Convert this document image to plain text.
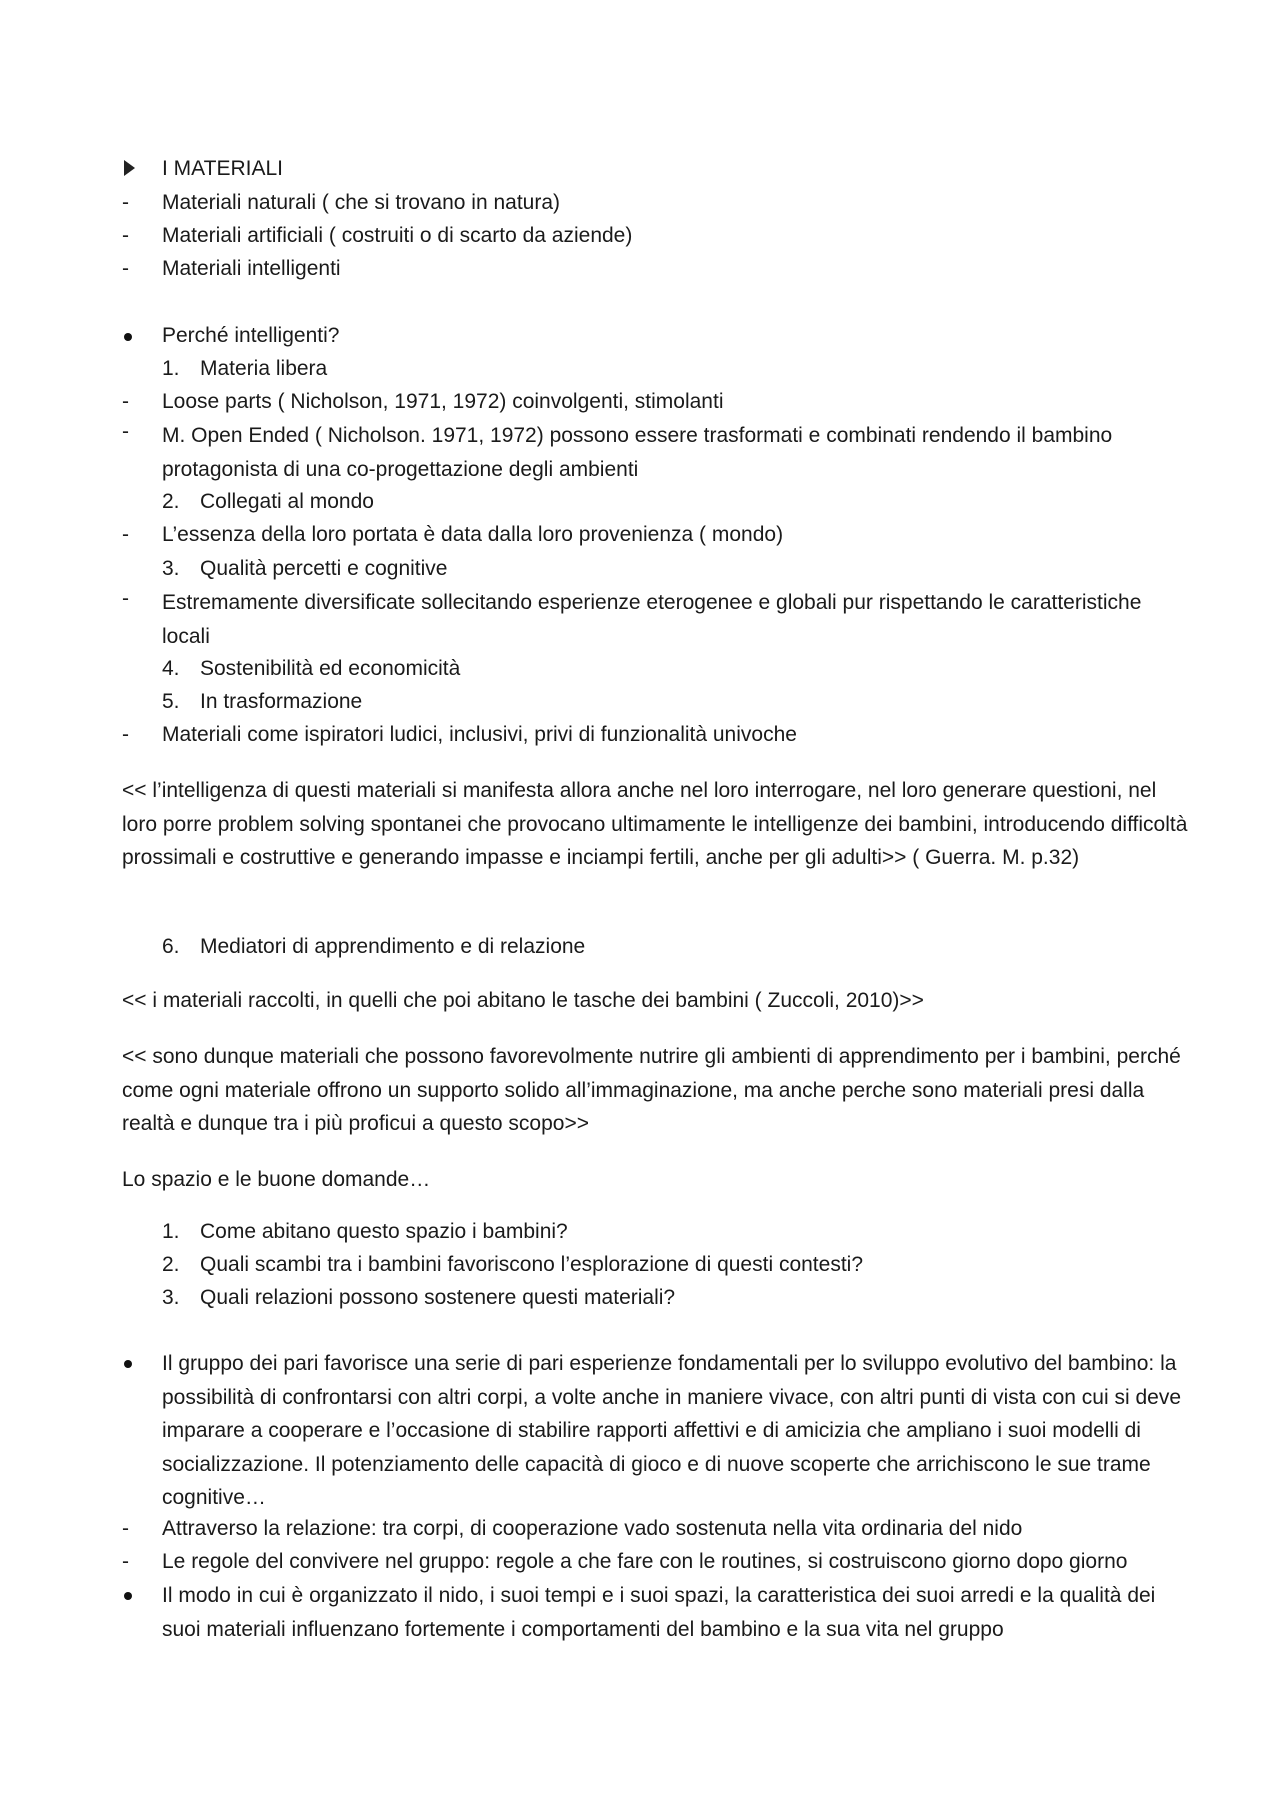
I MATERIALI
-	Materiali naturali ( che si trovano in natura)
-	Materiali artificiali ( costruiti o di scarto da aziende)
-	Materiali intelligenti
Perché intelligenti?
1. Materia libera
-	Loose parts ( Nicholson, 1971, 1972) coinvolgenti, stimolanti
-	M. Open Ended ( Nicholson. 1971, 1972) possono essere trasformati e combinati rendendo il bambino protagonista di una co-progettazione degli ambienti
2. Collegati al mondo
-	L’essenza della loro portata è data dalla loro provenienza ( mondo)
3. Qualità percetti e cognitive
-	Estremamente diversificate sollecitando esperienze eterogenee e globali pur rispettando le caratteristiche locali
4. Sostenibilità ed economicità
5. In trasformazione
-	Materiali come ispiratori ludici, inclusivi, privi di funzionalità univoche
<< l’intelligenza di questi materiali si manifesta allora anche nel loro interrogare, nel loro generare questioni, nel loro porre problem solving spontanei che provocano ultimamente le intelligenze dei bambini, introducendo difficoltà prossimali e costruttive e generando impasse e inciampi fertili, anche per gli adulti>> ( Guerra. M. p.32)
6. Mediatori di apprendimento e di relazione
<< i materiali raccolti, in quelli che poi abitano le tasche dei bambini ( Zuccoli, 2010)>>
<< sono dunque materiali che possono favorevolmente nutrire gli ambienti di apprendimento per i bambini, perché come ogni materiale offrono un supporto solido all’immaginazione, ma anche perche sono materiali presi dalla realtà e dunque tra i più proficui a questo scopo>>
Lo spazio e le buone domande…
1. Come abitano questo spazio i bambini?
2. Quali scambi tra i bambini favoriscono l’esplorazione di questi contesti?
3. Quali relazioni possono sostenere questi materiali?
Il gruppo dei pari favorisce una serie di pari esperienze fondamentali per lo sviluppo evolutivo del bambino: la possibilità di confrontarsi con altri corpi, a volte anche in maniere vivace, con altri punti di vista con cui si deve imparare a cooperare e l’occasione di stabilire rapporti affettivi e di amicizia che ampliano i suoi modelli di socializzazione. Il potenziamento delle capacità di gioco e di nuove scoperte che arrichiscono le sue trame cognitive…
-	Attraverso la relazione: tra corpi, di cooperazione vado sostenuta nella vita ordinaria del nido
-	Le regole del convivere nel gruppo: regole a che fare con le routines, si costruiscono giorno dopo giorno
Il modo in cui è organizzato il nido, i suoi tempi e i suoi spazi, la caratteristica dei suoi arredi e la qualità dei suoi materiali influenzano fortemente i comportamenti del bambino e la sua vita nel gruppo
